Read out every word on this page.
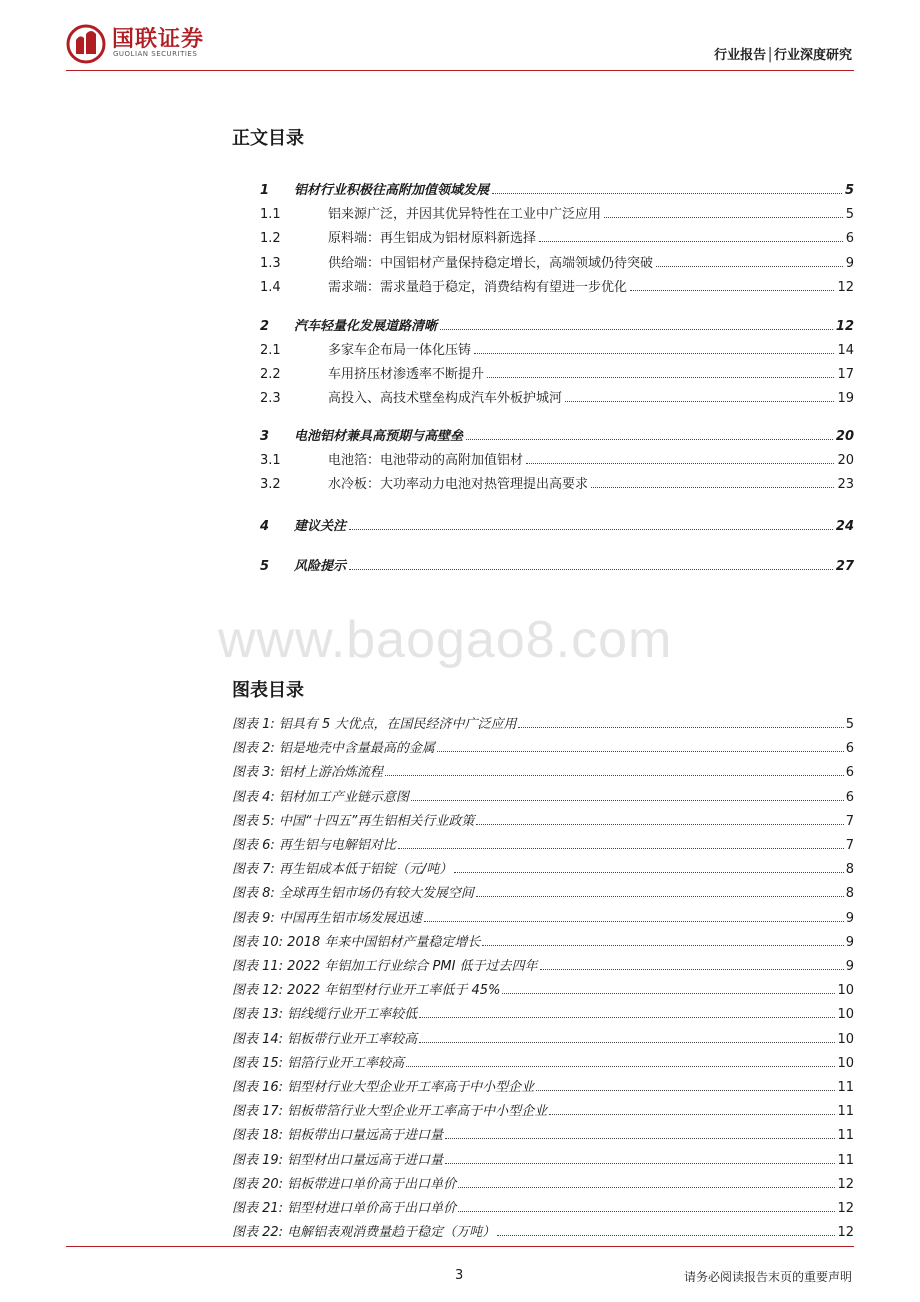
国联证券
GUOLIAN SECURITIES	行业报告│行业深度研究
正文目录
1	铝材行业积极往高附加值领域发展	5
1.1	铝来源广泛，并因其优异特性在工业中广泛应用	5
1.2	原料端：再生铝成为铝材原料新选择	6
1.3	供给端：中国铝材产量保持稳定增长，高端领域仍待突破	9
1.4	需求端：需求量趋于稳定，消费结构有望进一步优化	12
2	汽车轻量化发展道路清晰	12
2.1	多家车企布局一体化压铸	14
2.2	车用挤压材渗透率不断提升	17
2.3	高投入、高技术壁垒构成汽车外板护城河	19
3	电池铝材兼具高预期与高壁垒	20
3.1	电池箔：电池带动的高附加值铝材	20
3.2	水冷板：大功率动力电池对热管理提出高要求	23
4	建议关注	24
5	风险提示	27
www.baogao8.com
图表目录
图表 1: 铝具有 5 大优点，在国民经济中广泛应用	5
图表 2: 铝是地壳中含量最高的金属	6
图表 3: 铝材上游冶炼流程	6
图表 4: 铝材加工产业链示意图	6
图表 5: 中国“十四五”再生铝相关行业政策	7
图表 6: 再生铝与电解铝对比	7
图表 7: 再生铝成本低于铝锭（元/吨）	8
图表 8: 全球再生铝市场仍有较大发展空间	8
图表 9: 中国再生铝市场发展迅速	9
图表 10: 2018 年来中国铝材产量稳定增长	9
图表 11: 2022 年铝加工行业综合 PMI 低于过去四年	9
图表 12: 2022 年铝型材行业开工率低于 45%	10
图表 13: 铝线缆行业开工率较低	10
图表 14: 铝板带行业开工率较高	10
图表 15: 铝箔行业开工率较高	10
图表 16: 铝型材行业大型企业开工率高于中小型企业	11
图表 17: 铝板带箔行业大型企业开工率高于中小型企业	11
图表 18: 铝板带出口量远高于进口量	11
图表 19: 铝型材出口量远高于进口量	11
图表 20: 铝板带进口单价高于出口单价	12
图表 21: 铝型材进口单价高于出口单价	12
图表 22: 电解铝表观消费量趋于稳定（万吨）	12
3	请务必阅读报告末页的重要声明
